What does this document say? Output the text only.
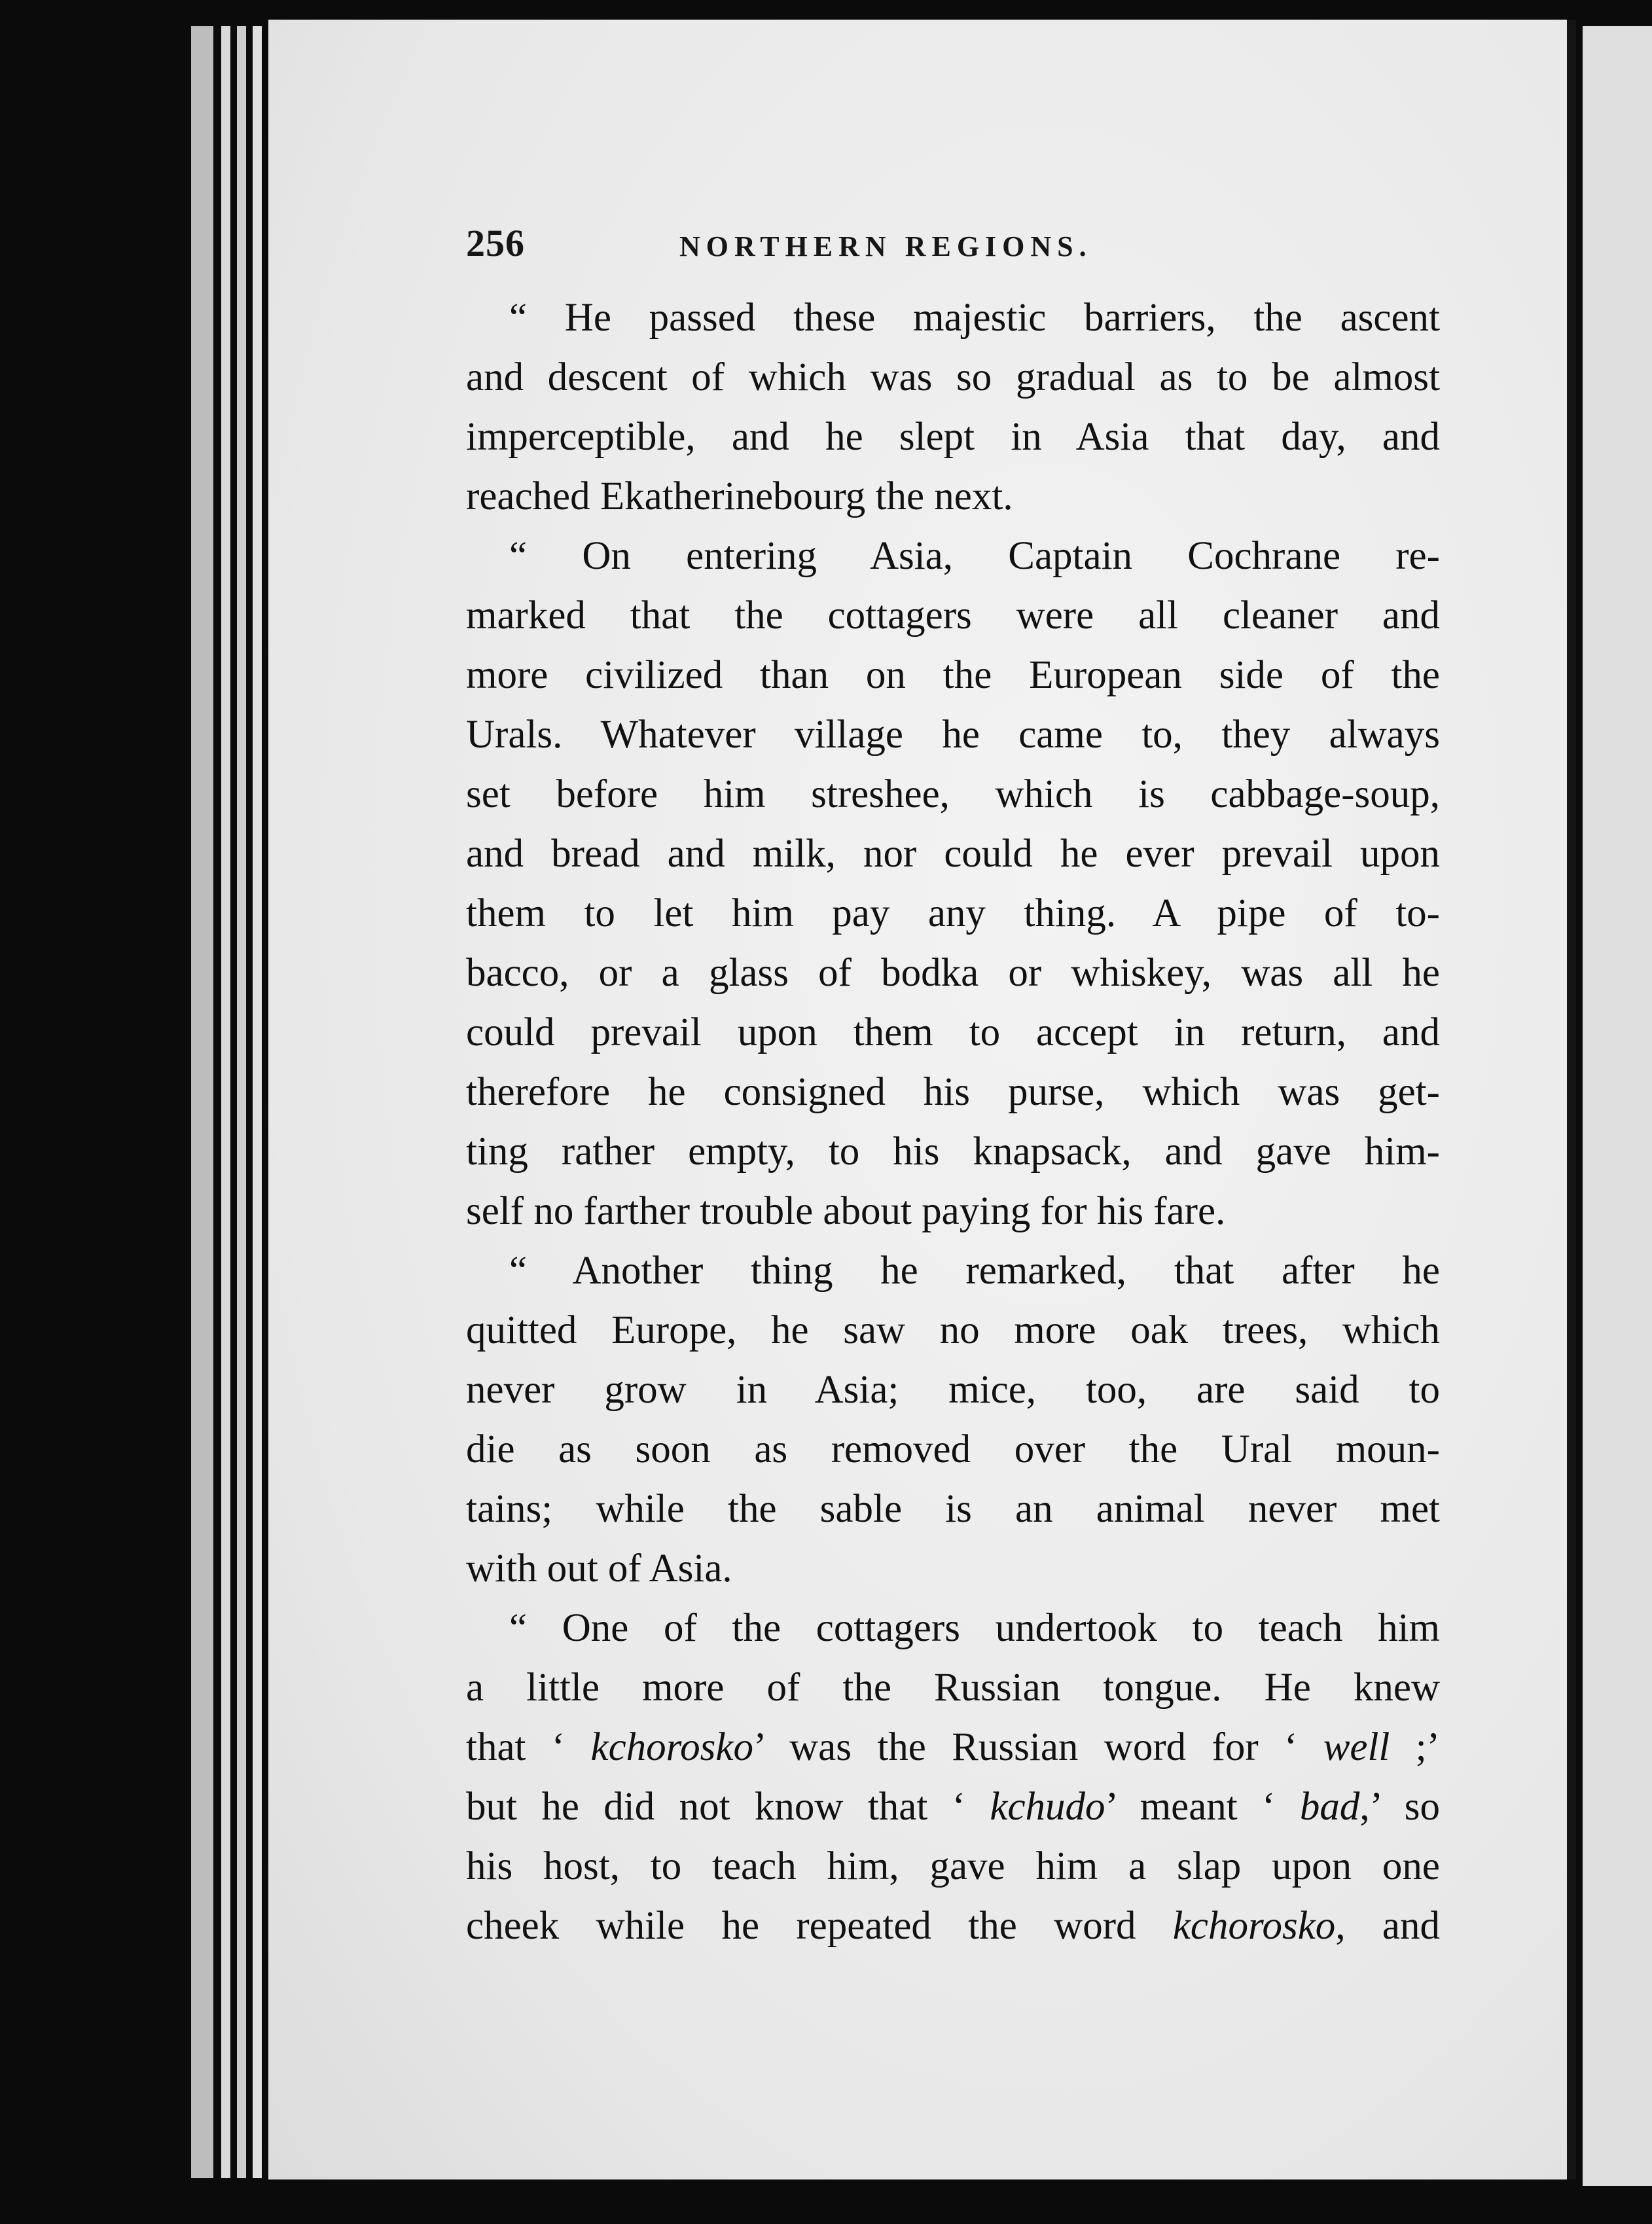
256	NORTHERN REGIONS.
“ He passed these majestic barriers, the ascent
and descent of which was so gradual as to be almost
imperceptible, and he slept in Asia that day, and
reached Ekatherinebourg the next.
“ On entering Asia, Captain Cochrane re-
marked that the cottagers were all cleaner and
more civilized than on the European side of the
Urals. Whatever village he came to, they always
set before him streshee, which is cabbage-soup,
and bread and milk, nor could he ever prevail upon
them to let him pay any thing. A pipe of to-
bacco, or a glass of bodka or whiskey, was all he
could prevail upon them to accept in return, and
therefore he consigned his purse, which was get-
ting rather empty, to his knapsack, and gave him-
self no farther trouble about paying for his fare.
“ Another thing he remarked, that after he
quitted Europe, he saw no more oak trees, which
never grow in Asia; mice, too, are said to
die as soon as removed over the Ural moun-
tains; while the sable is an animal never met
with out of Asia.
“ One of the cottagers undertook to teach him
a little more of the Russian tongue. He knew
that ‘ kchorosko’ was the Russian word for ‘ well ;’
but he did not know that ‘ kchudo’ meant ‘ bad,’ so
his host, to teach him, gave him a slap upon one
cheek while he repeated the word kchorosko, and
